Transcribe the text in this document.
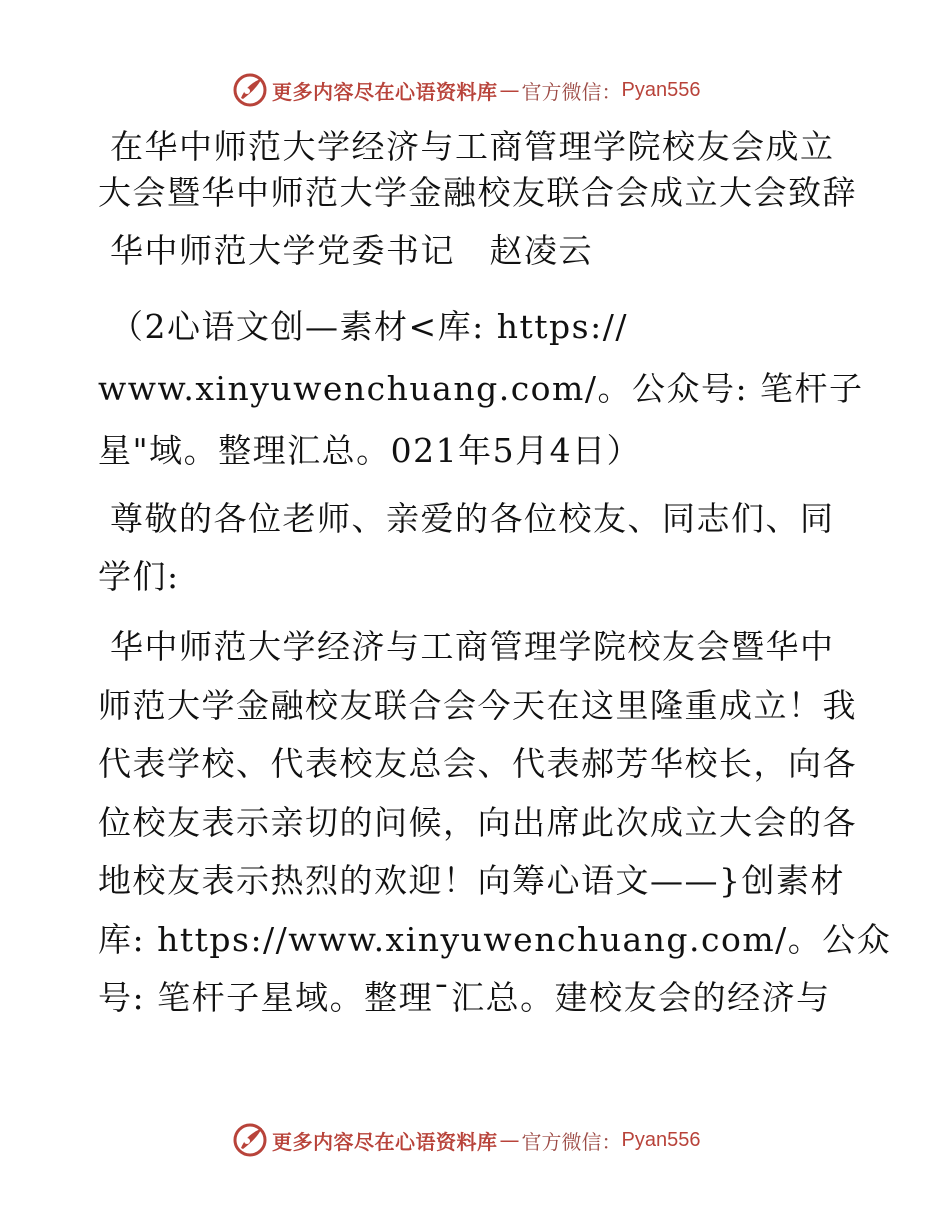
更多内容尽在心语资料库 — 官方微信： Pyan556
在华中师范大学经济与工商管理学院校友会成立
大会暨华中师范大学金融校友联合会成立大会致辞
华中师范大学党委书记　赵凌云
（2心语文创—素材<库: https://
www.xinyuwenchuang.com/。公众号: 笔杆子
星"域。整理汇总。021年5月4日）
尊敬的各位老师、亲爱的各位校友、同志们、同
学们:
华中师范大学经济与工商管理学院校友会暨华中
师范大学金融校友联合会今天在这里隆重成立！我
代表学校、代表校友总会、代表郝芳华校长，向各
位校友表示亲切的问候，向出席此次成立大会的各
地校友表示热烈的欢迎！向筹心语文——}创素材
库: https://www.xinyuwenchuang.com/。公众
号: 笔杆子星域。整理¯汇总。建校友会的经济与
更多内容尽在心语资料库 — 官方微信： Pyan556
